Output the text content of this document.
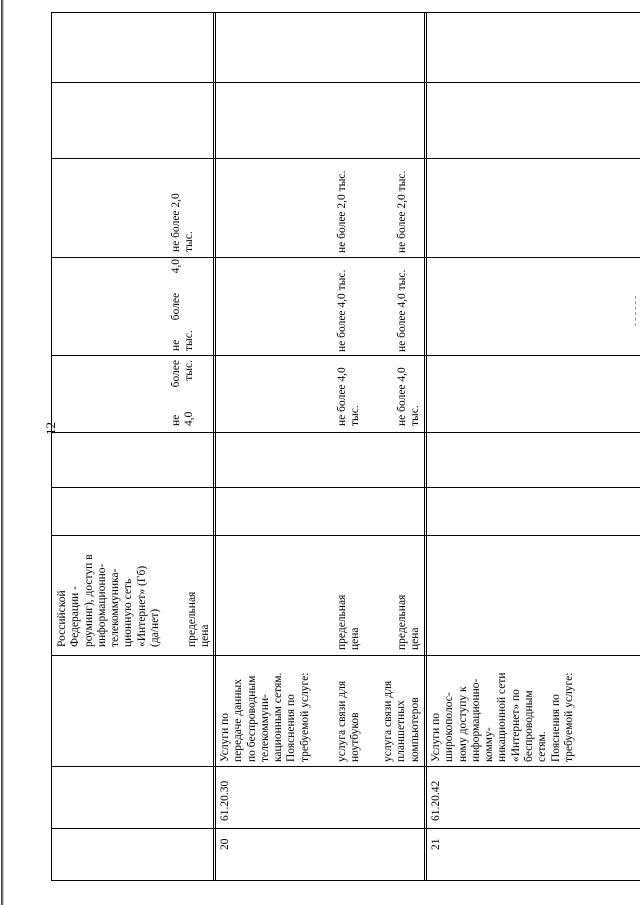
12
Российской
Федерации -
роуминг), доступ в
информационно-
телекоммуника-
ционную сеть
«Интернет» (Гб)
(да/нет) предельная
цена
не более
4,0 тыс.
не более 4,0
тыс.
не более 2,0
тыс.
20
61.20.30
Услуги по
передаче данных
по беспроводным
телекоммуни-
кационным сетям.
Пояснения по
требуемой услуге:
услуга связи для
ноутбуков
предельная
цена
не более 4,0
тыс.
не более 4,0 тыс.
не более 2,0 тыс.
услуга связи для
планшетных
компьютеров
предельная
цена
не более 4,0
тыс.
не более 4,0 тыс.
не более 2,0 тыс.
21
61.20.42
Услуги по
широкополос-
ному доступу к
информационно-
комму-
никационной сети
«Интернет» по
беспроводным
сетям.
Пояснения по
требуемой услуге:
